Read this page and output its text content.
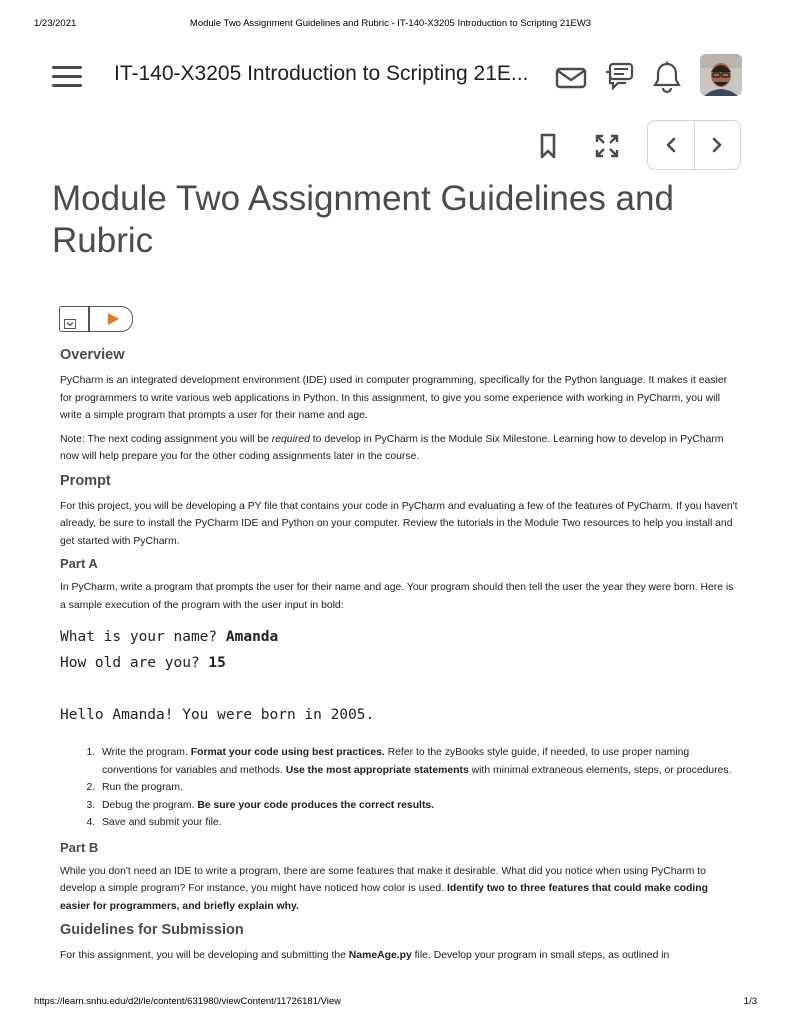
1/23/2021	Module Two Assignment Guidelines and Rubric - IT-140-X3205 Introduction to Scripting 21EW3
IT-140-X3205 Introduction to Scripting 21E...
Module Two Assignment Guidelines and Rubric
Overview

PyCharm is an integrated development environment (IDE) used in computer programming, specifically for the Python language. It makes it easier for programmers to write various web applications in Python. In this assignment, to give you some experience with working in PyCharm, you will write a simple program that prompts a user for their name and age.

Note: The next coding assignment you will be required to develop in PyCharm is the Module Six Milestone. Learning how to develop in PyCharm now will help prepare you for the other coding assignments later in the course.

Prompt

For this project, you will be developing a PY file that contains your code in PyCharm and evaluating a few of the features of PyCharm. If you haven't already, be sure to install the PyCharm IDE and Python on your computer. Review the tutorials in the Module Two resources to help you install and get started with PyCharm.

Part A

In PyCharm, write a program that prompts the user for their name and age. Your program should then tell the user the year they were born. Here is a sample execution of the program with the user input in bold:

What is your name? Amanda
How old are you? 15
Hello Amanda! You were born in 2005.
1. Write the program. Format your code using best practices. Refer to the zyBooks style guide, if needed, to use proper naming conventions for variables and methods. Use the most appropriate statements with minimal extraneous elements, steps, or procedures.
2. Run the program.
3. Debug the program. Be sure your code produces the correct results.
4. Save and submit your file.
Part B

While you don't need an IDE to write a program, there are some features that make it desirable. What did you notice when using PyCharm to develop a simple program? For instance, you might have noticed how color is used. Identify two to three features that could make coding easier for programmers, and briefly explain why.

Guidelines for Submission

For this assignment, you will be developing and submitting the NameAge.py file. Develop your program in small steps, as outlined in

https://learn.snhu.edu/d2l/le/content/631980/viewContent/11726181/View	1/3
